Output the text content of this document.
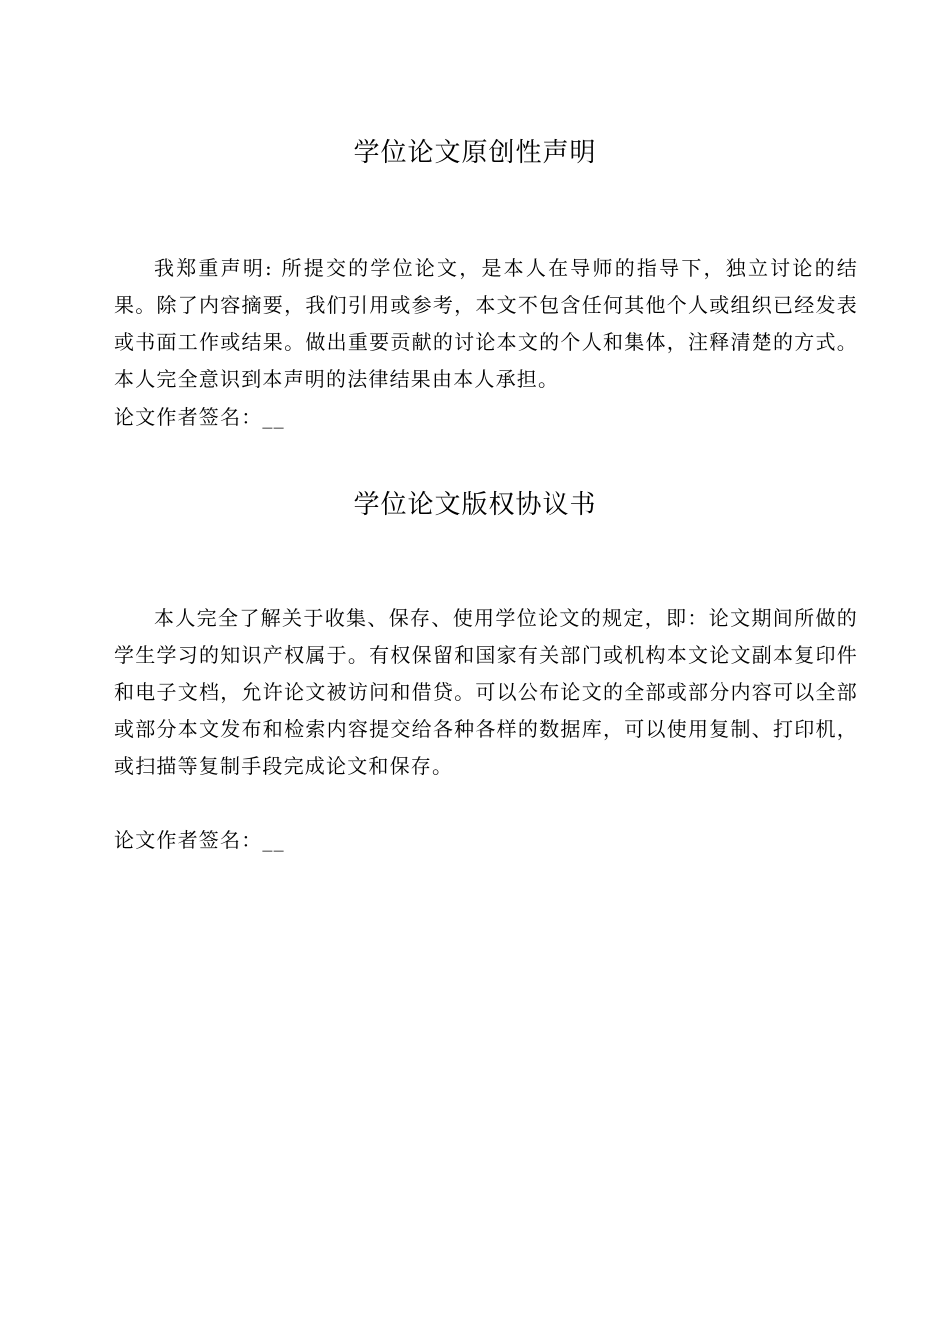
学位论文原创性声明

我郑重声明: 所提交的学位论文，是本人在导师的指导下，独立讨论的结果。除了内容摘要，我们引用或参考，本文不包含任何其他个人或组织已经发表或书面工作或结果。做出重要贡献的讨论本文的个人和集体，注释清楚的方式。本人完全意识到本声明的法律结果由本人承担。

论文作者签名：__

学位论文版权协议书

本人完全了解关于收集、保存、使用学位论文的规定，即：论文期间所做的学生学习的知识产权属于。有权保留和国家有关部门或机构本文论文副本复印件和电子文档，允许论文被访问和借贷。可以公布论文的全部或部分内容可以全部或部分本文发布和检索内容提交给各种各样的数据库，可以使用复制、打印机，或扫描等复制手段完成论文和保存。

论文作者签名：__
